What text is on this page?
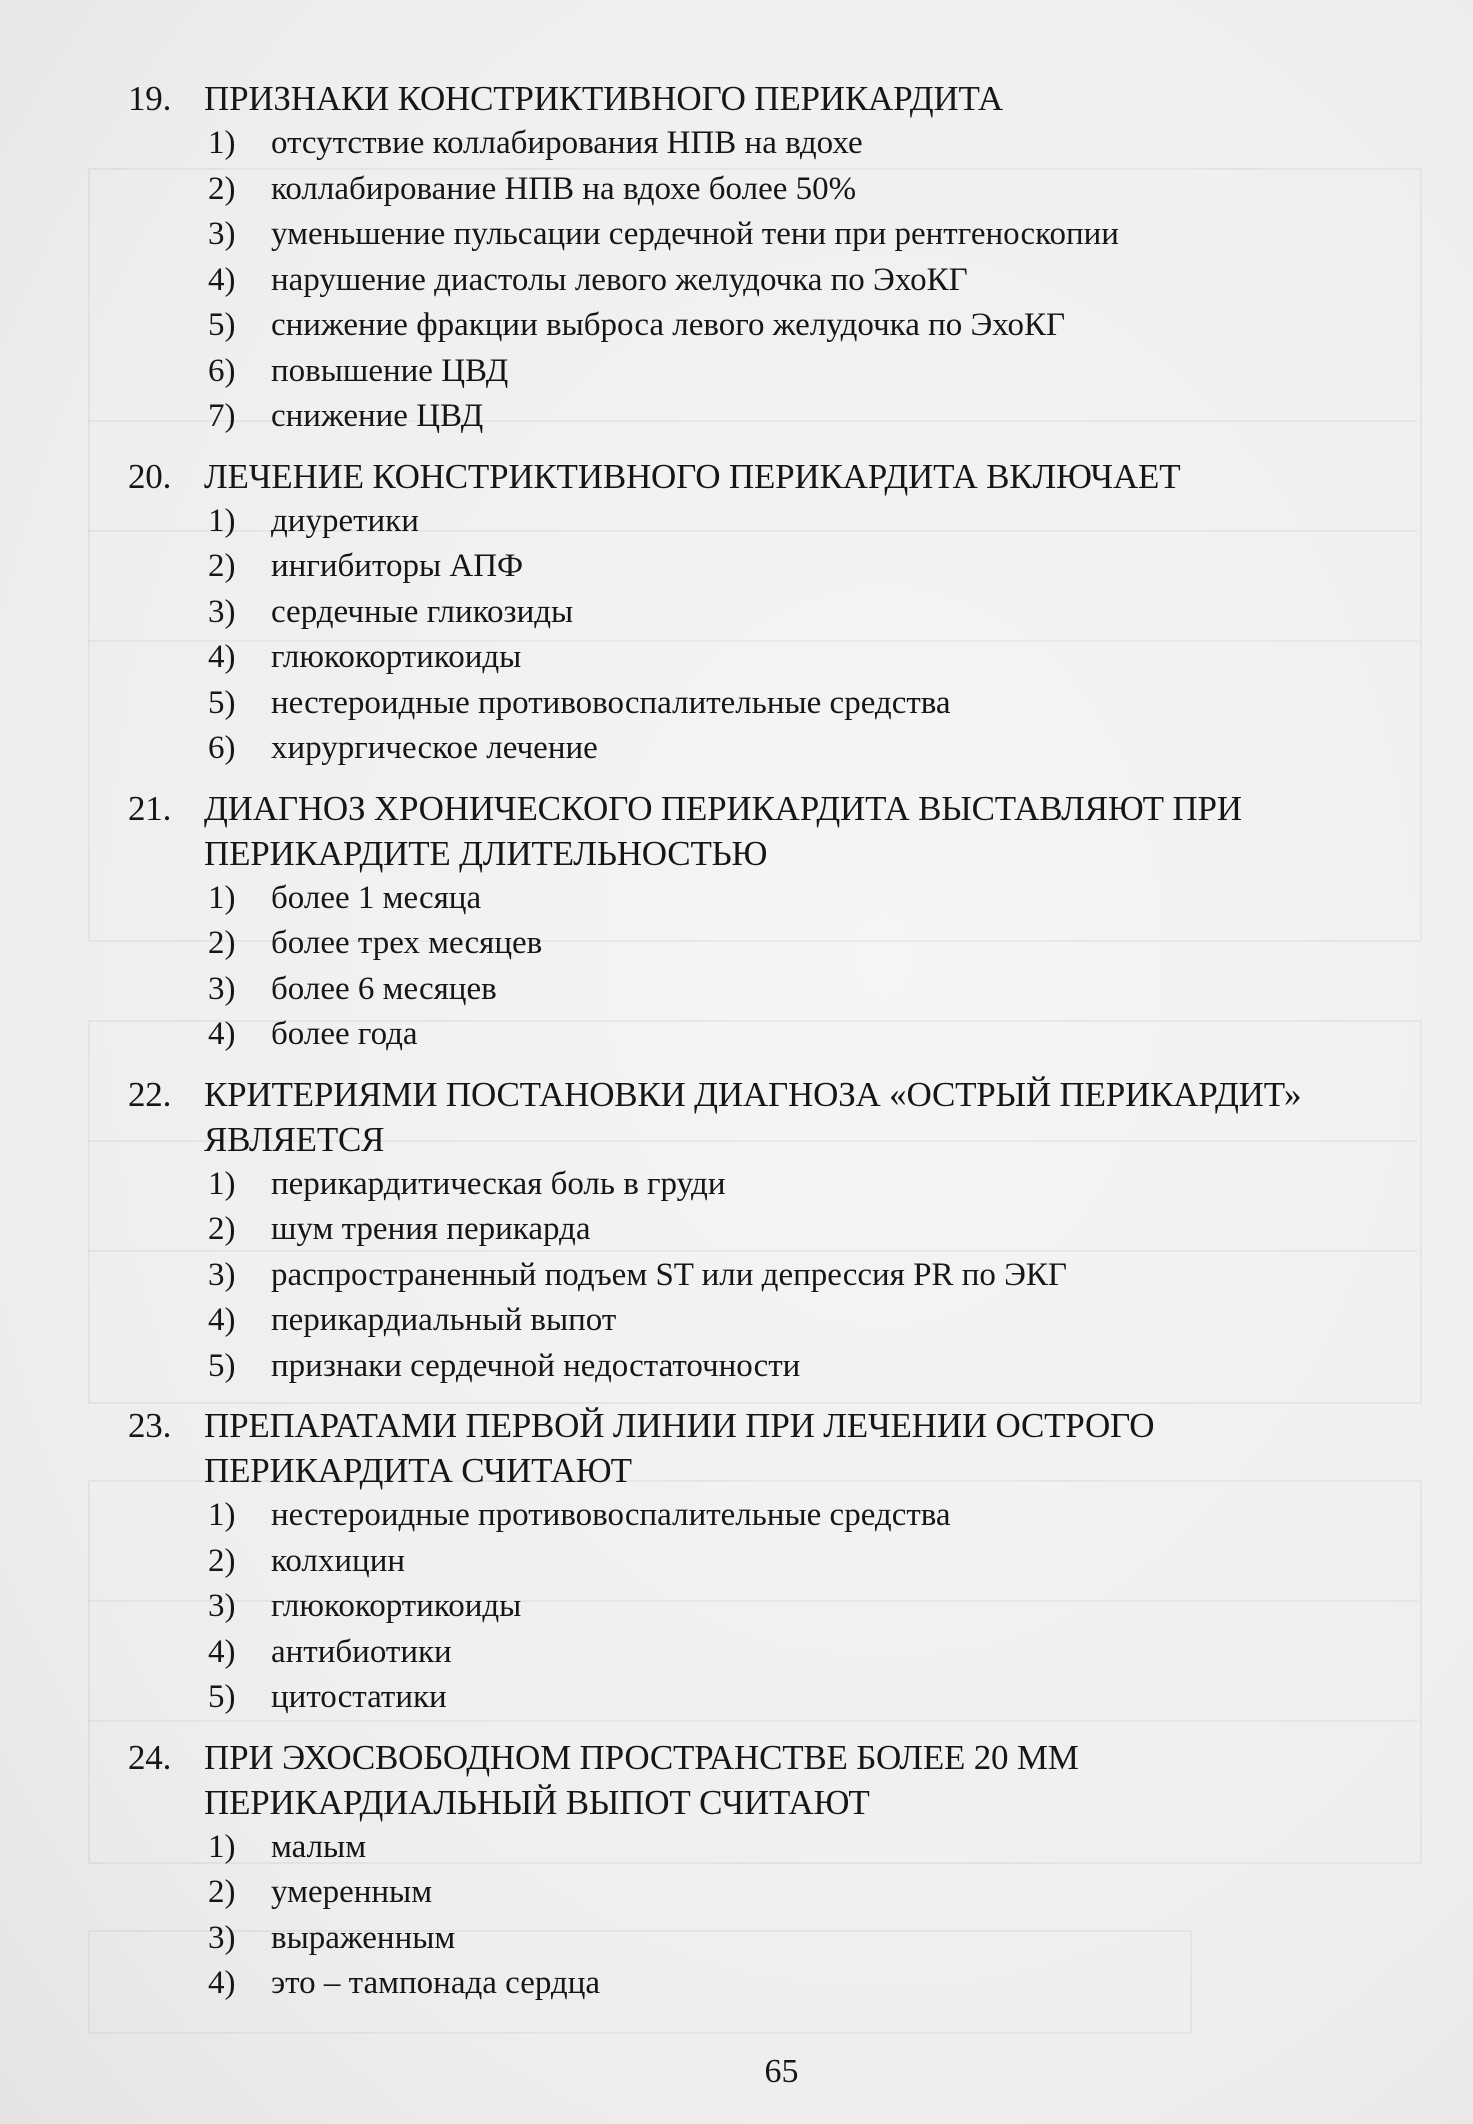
19. ПРИЗНАКИ КОНСТРИКТИВНОГО ПЕРИКАРДИТА
1)	отсутствие коллабирования НПВ на вдохе
2)	коллабирование НПВ на вдохе более 50%
3)	уменьшение пульсации сердечной тени при рентгеноскопии
4)	нарушение диастолы левого желудочка по ЭхоКГ
5)	снижение фракции выброса левого желудочка по ЭхоКГ
6)	повышение ЦВД
7)	снижение ЦВД
20. ЛЕЧЕНИЕ КОНСТРИКТИВНОГО ПЕРИКАРДИТА ВКЛЮЧАЕТ
1)	диуретики
2)	ингибиторы АПФ
3)	сердечные гликозиды
4)	глюкокортикоиды
5)	нестероидные противовоспалительные средства
6)	хирургическое лечение
21. ДИАГНОЗ ХРОНИЧЕСКОГО ПЕРИКАРДИТА ВЫСТАВЛЯЮТ ПРИ ПЕРИКАРДИТЕ ДЛИТЕЛЬНОСТЬЮ
1)	более 1 месяца
2)	более трех месяцев
3)	более 6 месяцев
4)	более года
22. КРИТЕРИЯМИ ПОСТАНОВКИ ДИАГНОЗА «ОСТРЫЙ ПЕРИКАРДИТ» ЯВЛЯЕТСЯ
1)	перикардитическая боль в груди
2)	шум трения перикарда
3)	распространенный подъем ST или депрессия PR по ЭКГ
4)	перикардиальный выпот
5)	признаки сердечной недостаточности
23. ПРЕПАРАТАМИ ПЕРВОЙ ЛИНИИ ПРИ ЛЕЧЕНИИ ОСТРОГО ПЕРИКАРДИТА СЧИТАЮТ
1)	нестероидные противовоспалительные средства
2)	колхицин
3)	глюкокортикоиды
4)	антибиотики
5)	цитостатики
24. ПРИ ЭХОСВОБОДНОМ ПРОСТРАНСТВЕ БОЛЕЕ 20 ММ ПЕРИКАРДИАЛЬНЫЙ ВЫПОТ СЧИТАЮТ
1)	малым
2)	умеренным
3)	выраженным
4)	это – тампонада сердца
65
